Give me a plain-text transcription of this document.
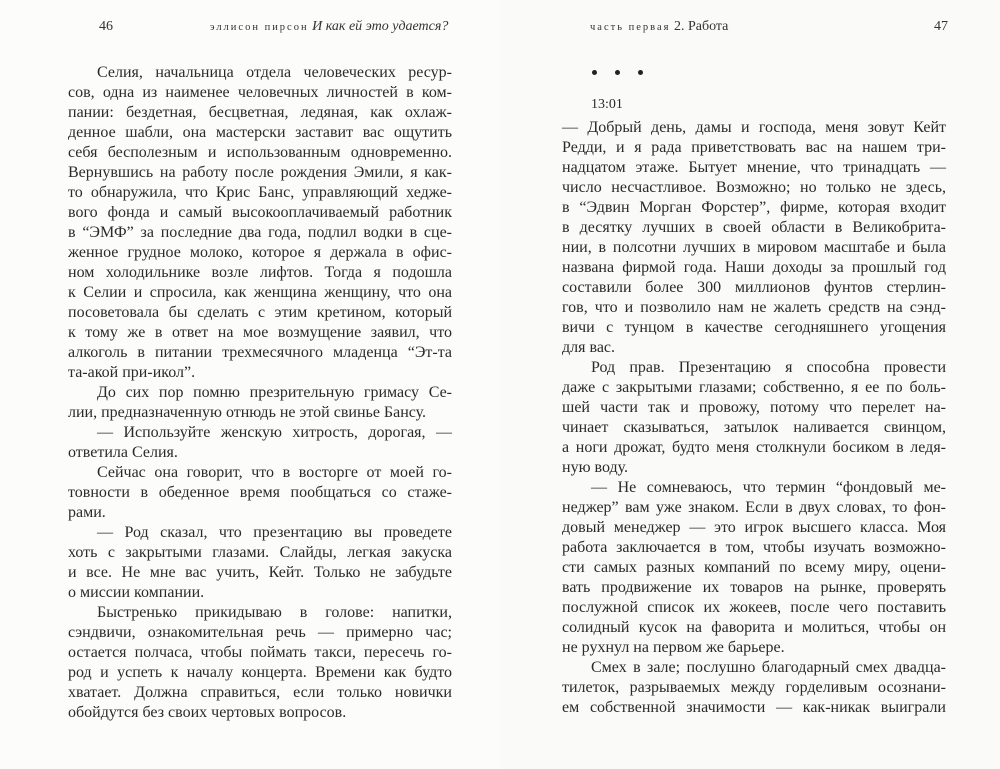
46	эллисон пирсон И как ей это удается?
Селия, начальница отдела человеческих ресур-
сов, одна из наименее человечных личностей в ком-
пании: бездетная, бесцветная, ледяная, как охлаж-
денное шабли, она мастерски заставит вас ощутить
себя бесполезным и использованным одновременно.
Вернувшись на работу после рождения Эмили, я как-
то обнаружила, что Крис Банс, управляющий хедже-
вого фонда и самый высокооплачиваемый работник
в “ЭМФ” за последние два года, подлил водки в сце-
женное грудное молоко, которое я держала в офис-
ном холодильнике возле лифтов. Тогда я подошла
к Селии и спросила, как женщина женщину, что она
посоветовала бы сделать с этим кретином, который
к тому же в ответ на мое возмущение заявил, что
алкоголь в питании трехмесячного младенца “Эт-та
та-акой при-икол”.
До сих пор помню презрительную гримасу Се-
лии, предназначенную отнюдь не этой свинье Бансу.
— Используйте женскую хитрость, дорогая, —
ответила Селия.
Сейчас она говорит, что в восторге от моей го-
товности в обеденное время пообщаться со стаже-
рами.
— Род сказал, что презентацию вы проведете
хоть с закрытыми глазами. Слайды, легкая закуска
и все. Не мне вас учить, Кейт. Только не забудьте
о миссии компании.
Быстренько прикидываю в голове: напитки,
сэндвичи, ознакомительная речь — примерно час;
остается полчаса, чтобы поймать такси, пересечь го-
род и успеть к началу концерта. Времени как будто
хватает. Должна справиться, если только новички
обойдутся без своих чертовых вопросов.
часть первая 2. Работа	47
13:01
— Добрый день, дамы и господа, меня зовут Кейт
Редди, и я рада приветствовать вас на нашем три-
надцатом этаже. Бытует мнение, что тринадцать —
число несчастливое. Возможно; но только не здесь,
в “Эдвин Морган Форстер”, фирме, которая входит
в десятку лучших в своей области в Великобрита-
нии, в полсотни лучших в мировом масштабе и была
названа фирмой года. Наши доходы за прошлый год
составили более 300 миллионов фунтов стерлин-
гов, что и позволило нам не жалеть средств на сэнд-
вичи с тунцом в качестве сегодняшнего угощения
для вас.
Род прав. Презентацию я способна провести
даже с закрытыми глазами; собственно, я ее по боль-
шей части так и провожу, потому что перелет на-
чинает сказываться, затылок наливается свинцом,
а ноги дрожат, будто меня столкнули босиком в ледя-
ную воду.
— Не сомневаюсь, что термин “фондовый ме-
неджер” вам уже знаком. Если в двух словах, то фон-
довый менеджер — это игрок высшего класса. Моя
работа заключается в том, чтобы изучать возможно-
сти самых разных компаний по всему миру, оцени-
вать продвижение их товаров на рынке, проверять
послужной список их жокеев, после чего поставить
солидный кусок на фаворита и молиться, чтобы он
не рухнул на первом же барьере.
Смех в зале; послушно благодарный смех двадца-
тилеток, разрываемых между горделивым осознани-
ем собственной значимости — как-никак выиграли
